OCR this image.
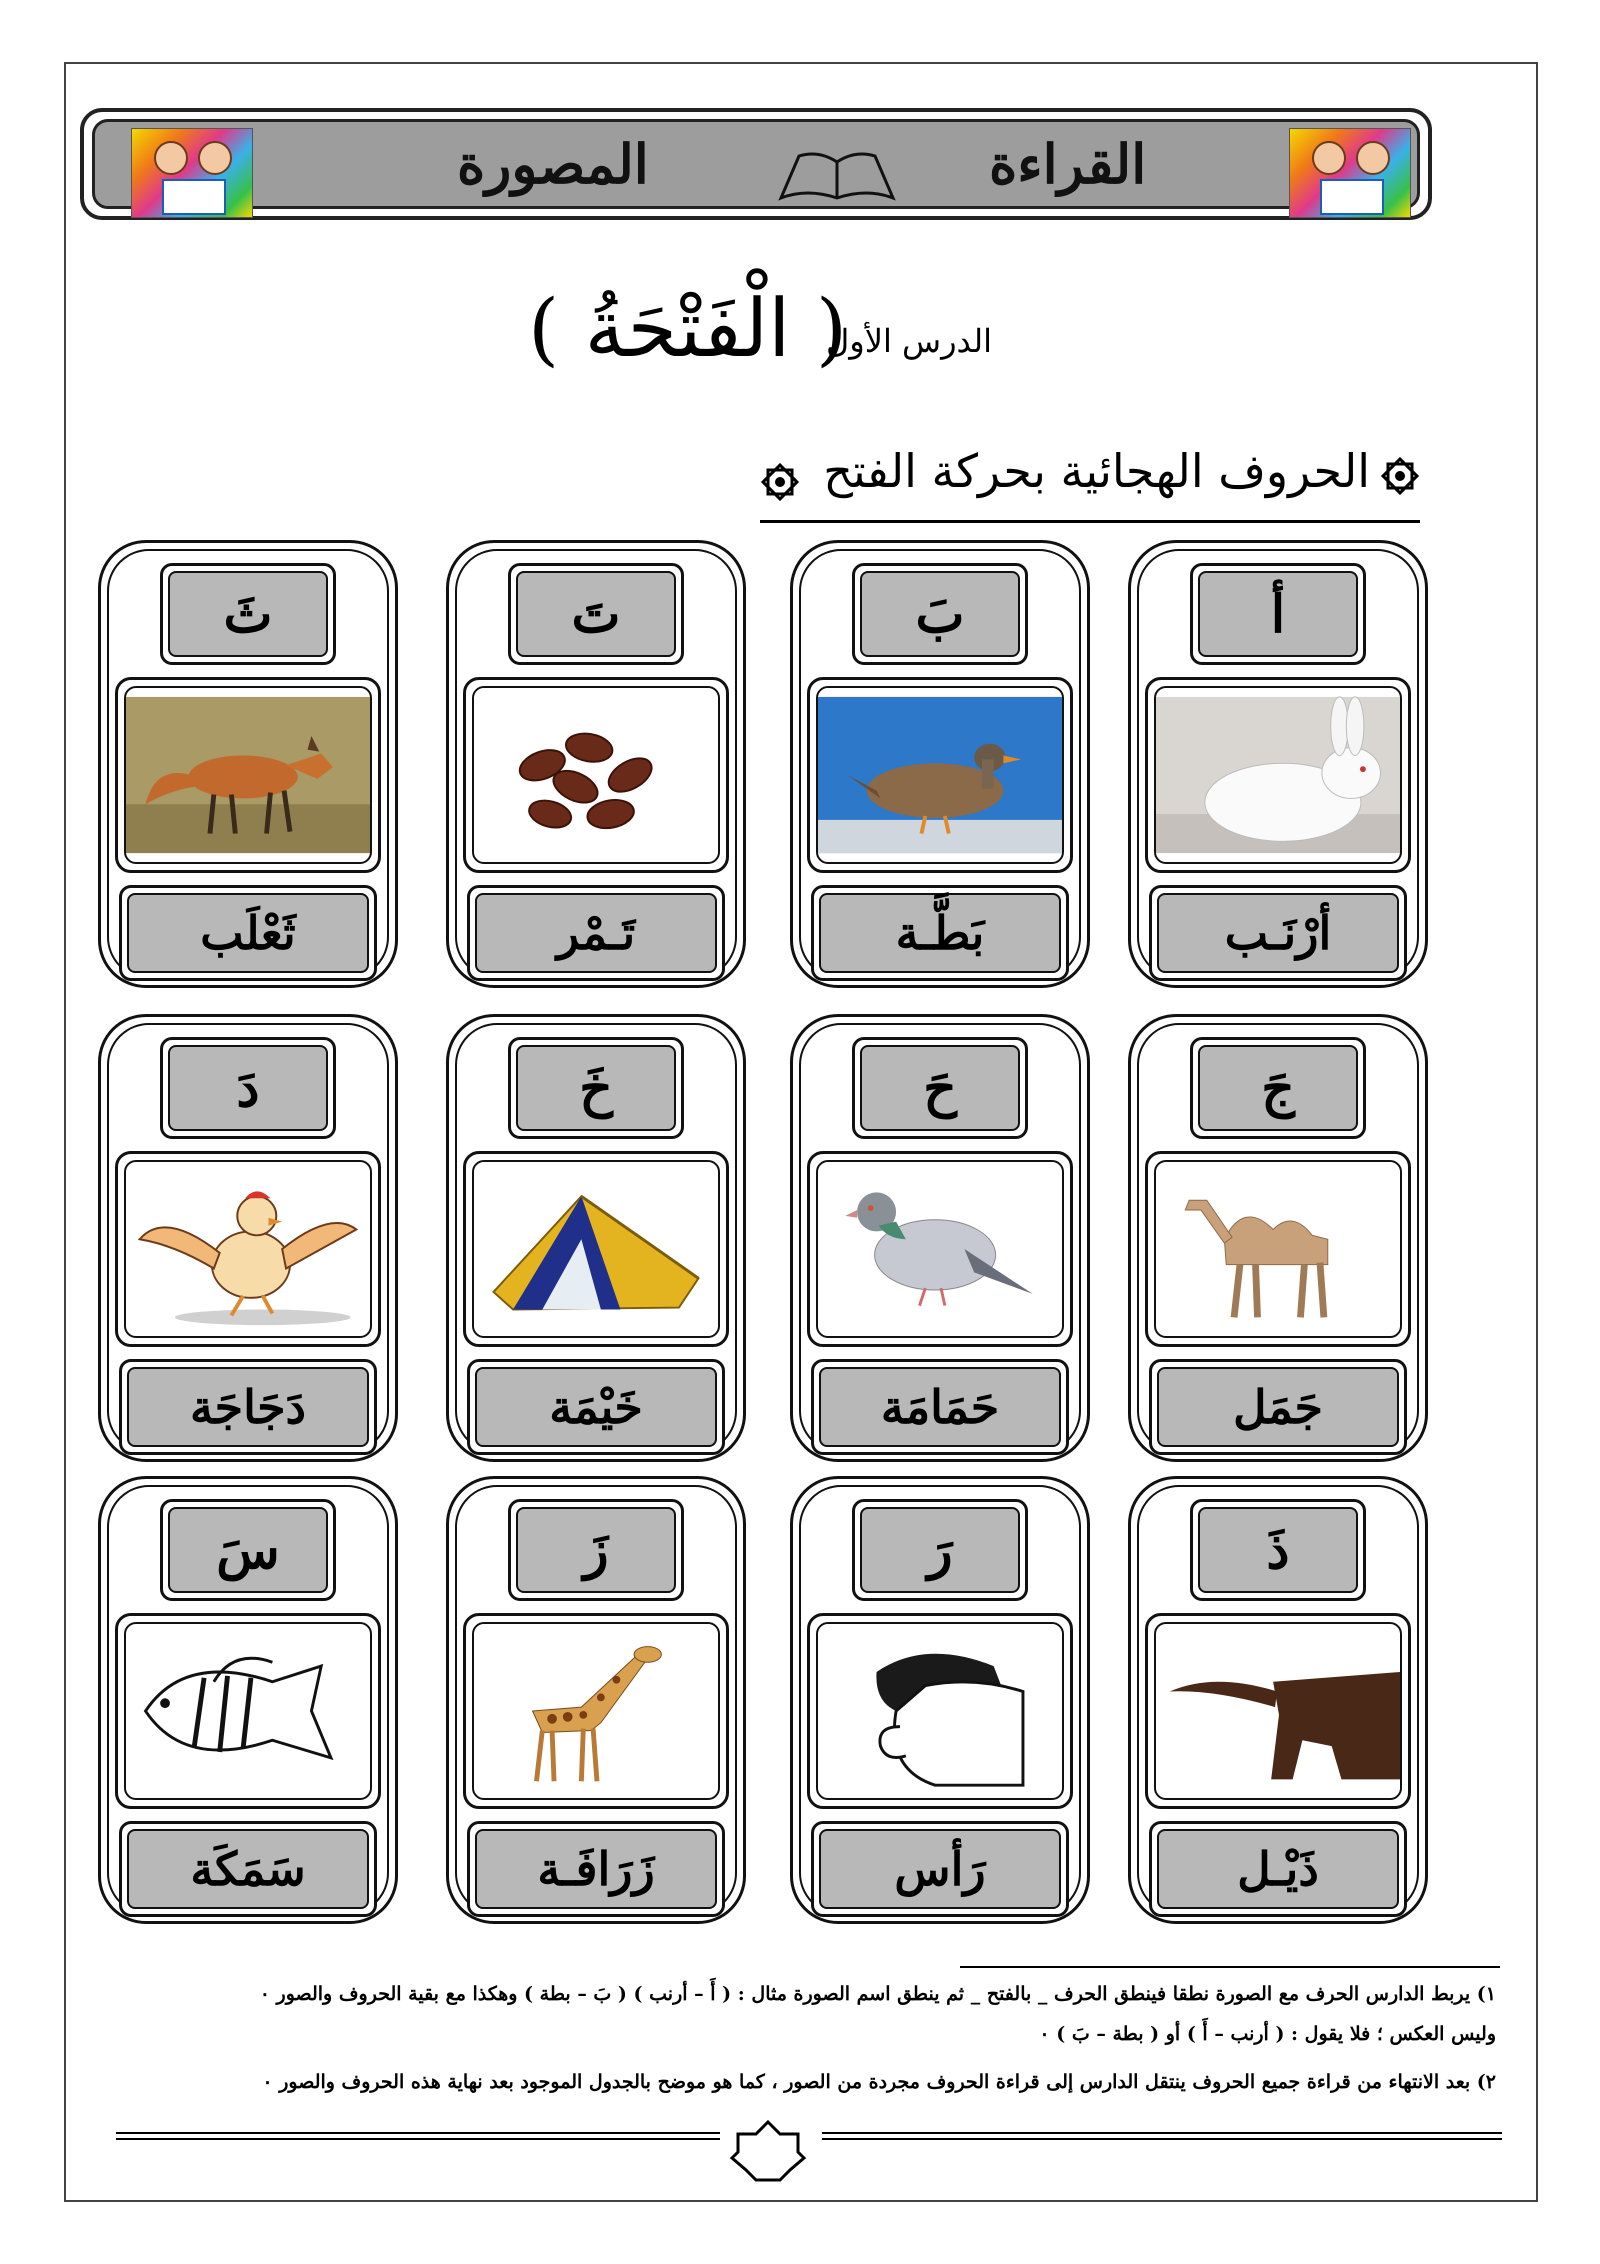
المصورة	القراءة
الدرس الأول
( الْفَتْحَةُ )
الحروف الهجائية بحركة الفتح
أ
أرْنَـب
بَ
بَطَّـة
تَ
تَـمْر
ثَ
ثَعْلَب
جَ
جَمَل
حَ
حَمَامَة
خَ
خَيْمَة
دَ
دَجَاجَة
ذَ
ذَيْـل
رَ
رَأس
زَ
زَرَافَـة
سَ
سَمَكَة
١) يربط الدارس الحرف مع الصورة نطقا فينطق الحرف _ بالفتح _ ثم ينطق اسم الصورة مثال : ( أَ – أرنب ) ( بَ – بطة ) وهكذا مع بقية الحروف والصور ٠
وليس العكس ؛ فلا يقول : ( أرنب – أَ ) أو ( بطة – بَ ) ٠
٢) بعد الانتهاء من قراءة جميع الحروف ينتقل الدارس إلى قراءة الحروف مجردة من الصور ، كما هو موضح بالجدول الموجود بعد نهاية هذه الحروف والصور ٠
